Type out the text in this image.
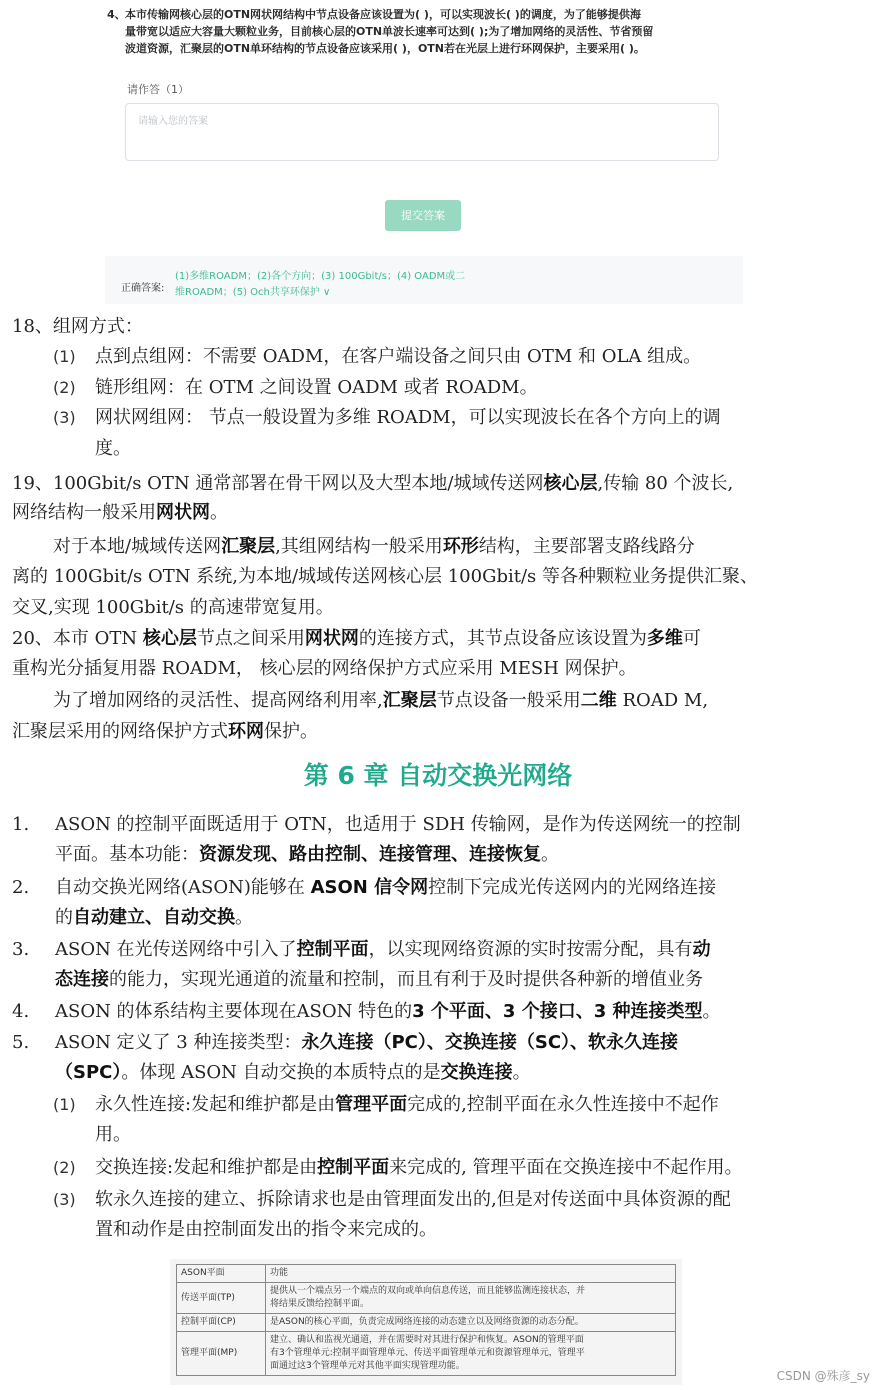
4、本市传输网核心层的OTN网状网结构中节点设备应该设置为( )，可以实现波长( )的调度，为了能够提供海
量带宽以适应大容量大颗粒业务，目前核心层的OTN单波长速率可达到( );为了增加网络的灵活性、节省预留
波道资源，汇聚层的OTN单环结构的节点设备应该采用( )，OTN若在光层上进行环网保护，主要采用( )。
请作答（1）
请输入您的答案
提交答案
正确答案:
(1)多维ROADM；(2)各个方向；(3) 100Gbit/s；(4) OADM或二
维ROADM；(5) Och共享环保护 ∨
18、组网方式：
(1) 点到点组网：不需要 OADM，在客户端设备之间只由 OTM 和 OLA 组成。
(2) 链形组网：在 OTM 之间设置 OADM 或者 ROADM。
(3) 网状网组网： 节点一般设置为多维 ROADM，可以实现波长在各个方向上的调
度。
19、100Gbit/s OTN 通常部署在骨干网以及大型本地/城域传送网核心层,传输 80 个波长,
网络结构一般采用网状网。
对于本地/城域传送网汇聚层,其组网结构一般采用环形结构，主要部署支路线路分
离的 100Gbit/s OTN 系统,为本地/城域传送网核心层 100Gbit/s 等各种颗粒业务提供汇聚、
交叉,实现 100Gbit/s 的高速带宽复用。
20、本市 OTN 核心层节点之间采用网状网的连接方式，其节点设备应该设置为多维可
重构光分插复用器 ROADM， 核心层的网络保护方式应采用 MESH 网保护。
为了增加网络的灵活性、提高网络利用率,汇聚层节点设备一般采用二维 ROAD M,
汇聚层采用的网络保护方式环网保护。
第 6 章 自动交换光网络
1. ASON 的控制平面既适用于 OTN，也适用于 SDH 传输网，是作为传送网统一的控制
平面。基本功能：资源发现、路由控制、连接管理、连接恢复。
2. 自动交换光网络(ASON)能够在 ASON 信令网控制下完成光传送网内的光网络连接
的自动建立、自动交换。
3. ASON 在光传送网络中引入了控制平面，以实现网络资源的实时按需分配，具有动
态连接的能力，实现光通道的流量和控制，而且有利于及时提供各种新的增值业务
4. ASON 的体系结构主要体现在ASON 特色的3 个平面、3 个接口、3 种连接类型。
5. ASON 定义了 3 种连接类型：永久连接（PC）、交换连接（SC）、软永久连接
（SPC）。体现 ASON 自动交换的本质特点的是交换连接。
(1) 永久性连接:发起和维护都是由管理平面完成的,控制平面在永久性连接中不起作
用。
(2) 交换连接:发起和维护都是由控制平面来完成的, 管理平面在交换连接中不起作用。
(3) 软永久连接的建立、拆除请求也是由管理面发出的,但是对传送面中具体资源的配
置和动作是由控制面发出的指令来完成的。
ASON平面	功能
传送平面(TP)	提供从一个端点另一个端点的双向或单向信息传送，而且能够监测连接状态，并
将结果反馈给控制平面。

控制平面(CP)	是ASON的核心平面，负责完成网络连接的动态建立以及网络资源的动态分配。

管理平面(MP)	建立、确认和监视光通道，并在需要时对其进行保护和恢复。ASON的管理平面
有3个管理单元:控制平面管理单元、传送平面管理单元和资源管理单元，管理平
面通过这3个管理单元对其他平面实现管理功能。
CSDN @殊彦_sy
